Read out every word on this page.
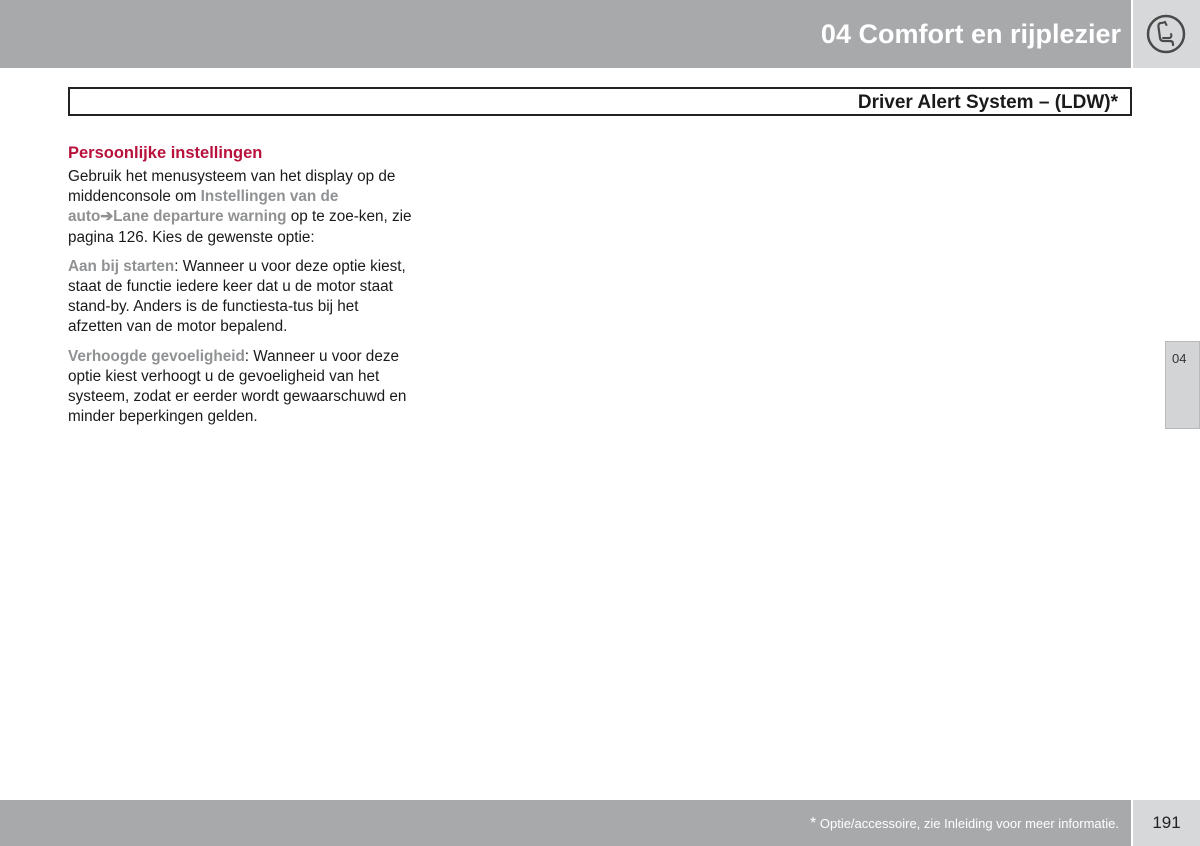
04 Comfort en rijplezier
Driver Alert System – (LDW)*
Persoonlijke instellingen

Gebruik het menusysteem van het display op de middenconsole om Instellingen van de auto➔Lane departure warning op te zoe-ken, zie pagina 126. Kies de gewenste optie:

Aan bij starten: Wanneer u voor deze optie kiest, staat de functie iedere keer dat u de motor staat stand-by. Anders is de functiesta-tus bij het afzetten van de motor bepalend.

Verhoogde gevoeligheid: Wanneer u voor deze optie kiest verhoogt u de gevoeligheid van het systeem, zodat er eerder wordt gewaarschuwd en minder beperkingen gelden.

04
* Optie/accessoire, zie Inleiding voor meer informatie.	191
